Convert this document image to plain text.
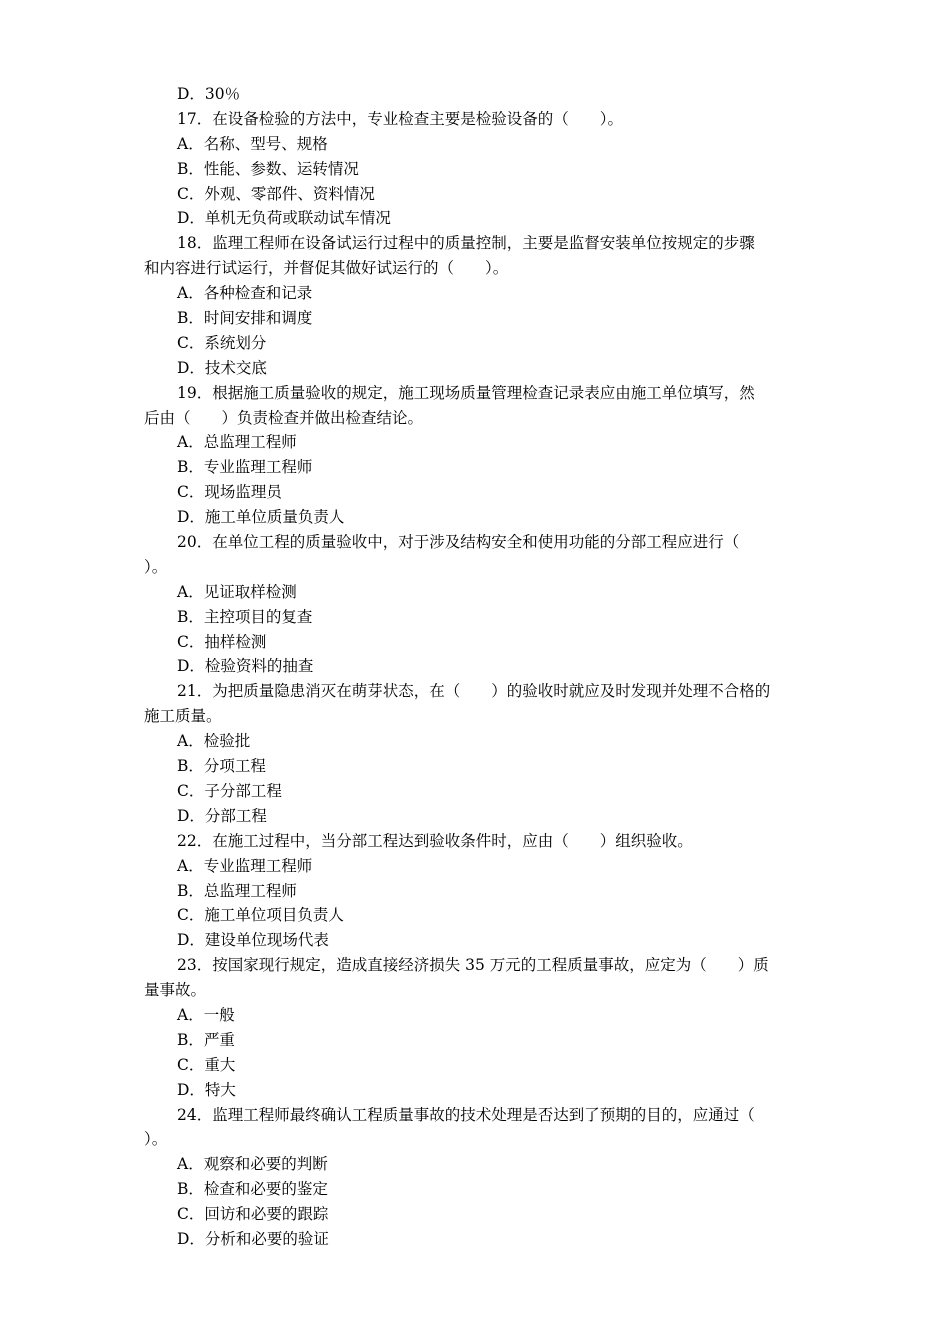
D．30％
17．在设备检验的方法中，专业检查主要是检验设备的（　　）。
A．名称、型号、规格
B．性能、参数、运转情况
C．外观、零部件、资料情况
D．单机无负荷或联动试车情况
18．监理工程师在设备试运行过程中的质量控制，主要是监督安装单位按规定的步骤
和内容进行试运行，并督促其做好试运行的（　　）。
A．各种检查和记录
B．时间安排和调度
C．系统划分
D．技术交底
19．根据施工质量验收的规定，施工现场质量管理检查记录表应由施工单位填写，然
后由（　　）负责检查并做出检查结论。
A．总监理工程师
B．专业监理工程师
C．现场监理员
D．施工单位质量负责人
20．在单位工程的质量验收中，对于涉及结构安全和使用功能的分部工程应进行（
）。
A．见证取样检测
B．主控项目的复查
C．抽样检测
D．检验资料的抽查
21．为把质量隐患消灭在萌芽状态，在（　　）的验收时就应及时发现并处理不合格的
施工质量。
A．检验批
B．分项工程
C．子分部工程
D．分部工程
22．在施工过程中，当分部工程达到验收条件时，应由（　　）组织验收。
A．专业监理工程师
B．总监理工程师
C．施工单位项目负责人
D．建设单位现场代表
23．按国家现行规定，造成直接经济损失 35 万元的工程质量事故，应定为（　　）质
量事故。
A．一般
B．严重
C．重大
D．特大
24．监理工程师最终确认工程质量事故的技术处理是否达到了预期的目的，应通过（
）。
A．观察和必要的判断
B．检查和必要的鉴定
C．回访和必要的跟踪
D．分析和必要的验证
